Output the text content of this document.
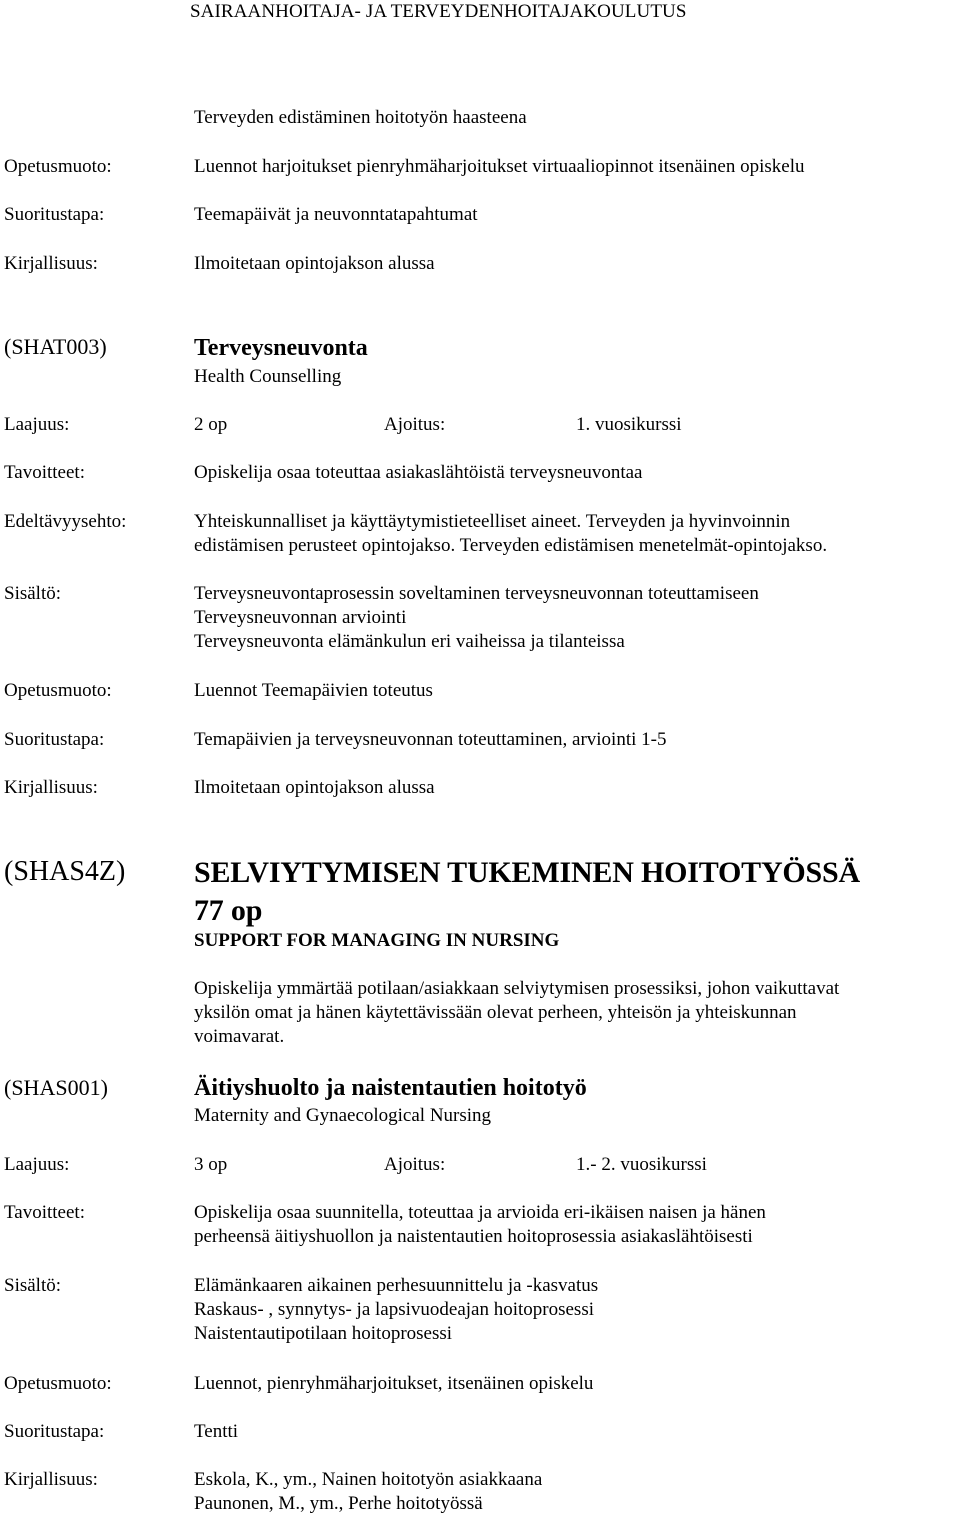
SAIRAANHOITAJA- JA TERVEYDENHOITAJAKOULUTUS
Terveyden edistäminen hoitotyön haasteena
Opetusmuoto:	Luennot harjoitukset pienryhmäharjoitukset virtuaaliopinnot itsenäinen opiskelu
Suoritustapa:	Teemapäivät ja neuvonntatapahtumat
Kirjallisuus:	Ilmoitetaan opintojakson alussa
(SHAT003)	Terveysneuvonta
Health Counselling
Laajuus:	2 op	Ajoitus:	1. vuosikurssi
Tavoitteet:	Opiskelija osaa toteuttaa asiakaslähtöistä terveysneuvontaa
Edeltävyysehto:	Yhteiskunnalliset ja käyttäytymistieteelliset aineet. Terveyden ja hyvinvoinnin
edistämisen perusteet opintojakso. Terveyden edistämisen menetelmät-opintojakso.
Sisältö:	Terveysneuvontaprosessin soveltaminen terveysneuvonnan toteuttamiseen
Terveysneuvonnan arviointi
Terveysneuvonta elämänkulun eri vaiheissa ja tilanteissa
Opetusmuoto:	Luennot Teemapäivien toteutus
Suoritustapa:	Temapäivien ja terveysneuvonnan toteuttaminen, arviointi 1-5
Kirjallisuus:	Ilmoitetaan opintojakson alussa
(SHAS4Z) SELVIYTYMISEN TUKEMINEN HOITOTYÖSSÄ
77 op
SUPPORT FOR MANAGING IN NURSING
Opiskelija ymmärtää potilaan/asiakkaan selviytymisen prosessiksi, johon vaikuttavat
yksilön omat ja hänen käytettävissään olevat perheen, yhteisön ja yhteiskunnan
voimavarat.
(SHAS001)	Äitiyshuolto ja naistentautien hoitotyö
Maternity and Gynaecological Nursing
Laajuus:	3 op	Ajoitus:	1.- 2. vuosikurssi
Tavoitteet:	Opiskelija osaa suunnitella, toteuttaa ja arvioida eri-ikäisen naisen ja hänen
perheensä äitiyshuollon ja naistentautien hoitoprosessia asiakaslähtöisesti
Sisältö:	Elämänkaaren aikainen perhesuunnittelu ja -kasvatus
Raskaus- , synnytys- ja lapsivuodeajan hoitoprosessi
Naistentautipotilaan hoitoprosessi
Opetusmuoto:	Luennot, pienryhmäharjoitukset, itsenäinen opiskelu
Suoritustapa:	Tentti
Kirjallisuus:	Eskola, K., ym., Nainen hoitotyön asiakkaana
Paunonen, M., ym., Perhe hoitotyössä
